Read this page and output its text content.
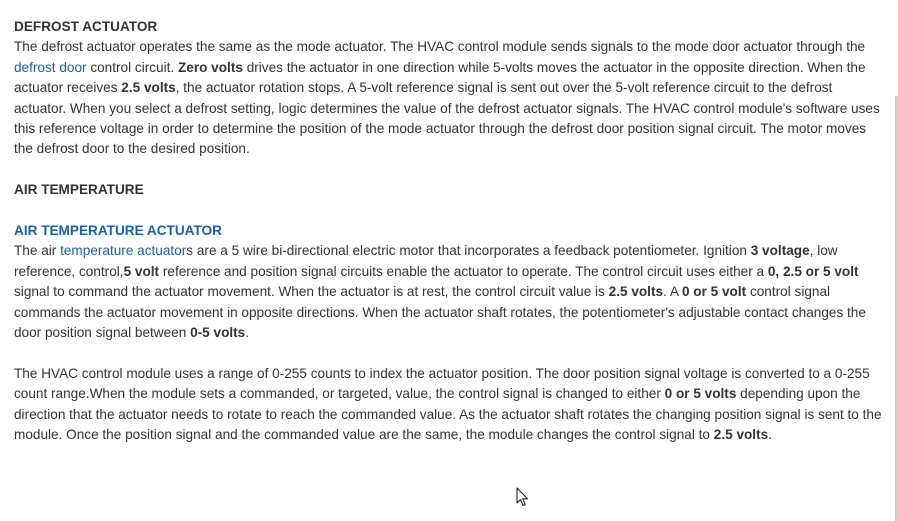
DEFROST ACTUATOR

The defrost actuator operates the same as the mode actuator. The HVAC control module sends signals to the mode door actuator through the defrost door control circuit. Zero volts drives the actuator in one direction while 5-volts moves the actuator in the opposite direction. When the actuator receives 2.5 volts, the actuator rotation stops. A 5-volt reference signal is sent out over the 5-volt reference circuit to the defrost actuator. When you select a defrost setting, logic determines the value of the defrost actuator signals. The HVAC control module's software uses this reference voltage in order to determine the position of the mode actuator through the defrost door position signal circuit. The motor moves the defrost door to the desired position.

AIR TEMPERATURE
AIR TEMPERATURE ACTUATOR

The air temperature actuators are a 5 wire bi-directional electric motor that incorporates a feedback potentiometer. Ignition 3 voltage, low reference, control,5 volt reference and position signal circuits enable the actuator to operate. The control circuit uses either a 0, 2.5 or 5 volt signal to command the actuator movement. When the actuator is at rest, the control circuit value is 2.5 volts. A 0 or 5 volt control signal commands the actuator movement in opposite directions. When the actuator shaft rotates, the potentiometer's adjustable contact changes the door position signal between 0-5 volts.

The HVAC control module uses a range of 0-255 counts to index the actuator position. The door position signal voltage is converted to a 0-255 count range.When the module sets a commanded, or targeted, value, the control signal is changed to either 0 or 5 volts depending upon the direction that the actuator needs to rotate to reach the commanded value. As the actuator shaft rotates the changing position signal is sent to the module. Once the position signal and the commanded value are the same, the module changes the control signal to 2.5 volts.
